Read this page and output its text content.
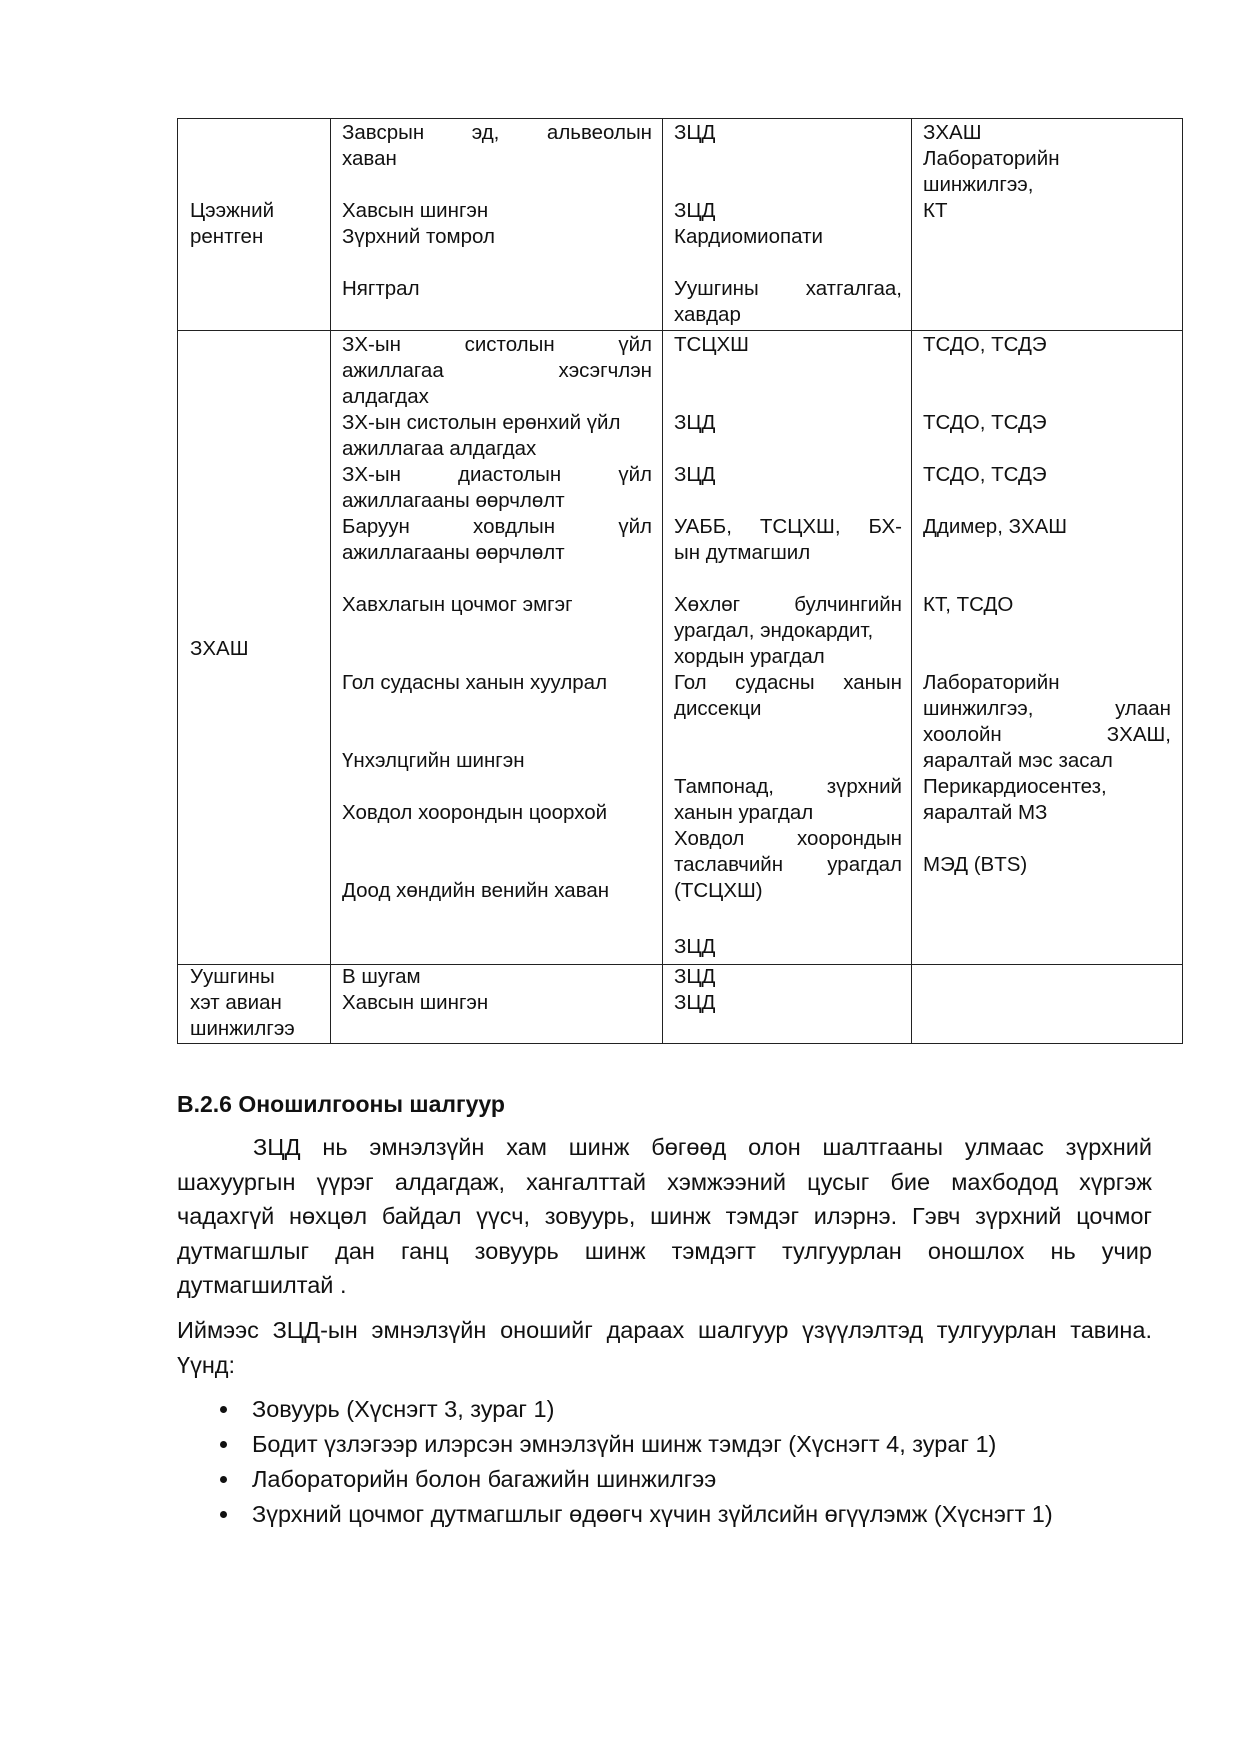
Цээжний
рентген
Завсрын эд, альвеолын
хаван
Хавсын шингэн
Зүрхний томрол
Нягтрал
ЗЦД
ЗЦД
Кардиомиопати
Уушгины хатгалгаа,
хавдар
ЗХАШ
Лабораторийн
шинжилгээ,
КТ
ЗХАШ
ЗХ-ын систолын үйл
ажиллагаа хэсэгчлэн
алдагдах
ЗХ-ын систолын ерөнхий үйл
ажиллагаа алдагдах
ЗХ-ын диастолын үйл
ажиллагааны өөрчлөлт
Баруун ховдлын үйл
ажиллагааны өөрчлөлт
Хавхлагын цочмог эмгэг
Гол судасны ханын хуулрал
Үнхэлцгийн шингэн
Ховдол хоорондын цоорхой
Доод хөндийн венийн хаван
ТСЦХШ
ЗЦД
ЗЦД
УАББ, ТСЦХШ, БХ-
ын дутмагшил
Хөхлөг булчингийн
урагдал, эндокардит,
хордын урагдал
Гол судасны ханын
диссекци
Тампонад, зүрхний
ханын урагдал
Ховдол хоорондын
таславчийн урагдал
(ТСЦХШ)
ЗЦД
ТСДО, ТСДЭ
ТСДО, ТСДЭ
ТСДО, ТСДЭ
Ддимер, ЗХАШ
КТ, ТСДО
Лабораторийн
шинжилгээ, улаан
хоолойн ЗХАШ,
яаралтай мэс засал
Перикардиосентез,
яаралтай МЗ
МЭД (BTS)
Уушгины
хэт авиан
шинжилгээ
В шугам
Хавсын шингэн
ЗЦД
ЗЦД
В.2.6 Оношилгооны шалгуур
ЗЦД нь эмнэлзүйн хам шинж бөгөөд олон шалтгааны улмаас зүрхний
шахуургын үүрэг алдагдаж, хангалттай хэмжээний цусыг бие махбодод хүргэж
чадахгүй нөхцөл байдал үүсч, зовуурь, шинж тэмдэг илэрнэ. Гэвч зүрхний цочмог
дутмагшлыг дан ганц зовуурь шинж тэмдэгт тулгуурлан оношлох нь учир
дутмагшилтай .
Иймээс ЗЦД-ын эмнэлзүйн оношийг дараах шалгуур үзүүлэлтэд тулгуурлан тавина.
Үүнд:
Зовуурь (Хүснэгт 3, зураг 1)
Бодит үзлэгээр илэрсэн эмнэлзүйн шинж тэмдэг (Хүснэгт 4, зураг 1)
Лабораторийн болон багажийн шинжилгээ
Зүрхний цочмог дутмагшлыг өдөөгч хүчин зүйлсийн өгүүлэмж (Хүснэгт 1)
